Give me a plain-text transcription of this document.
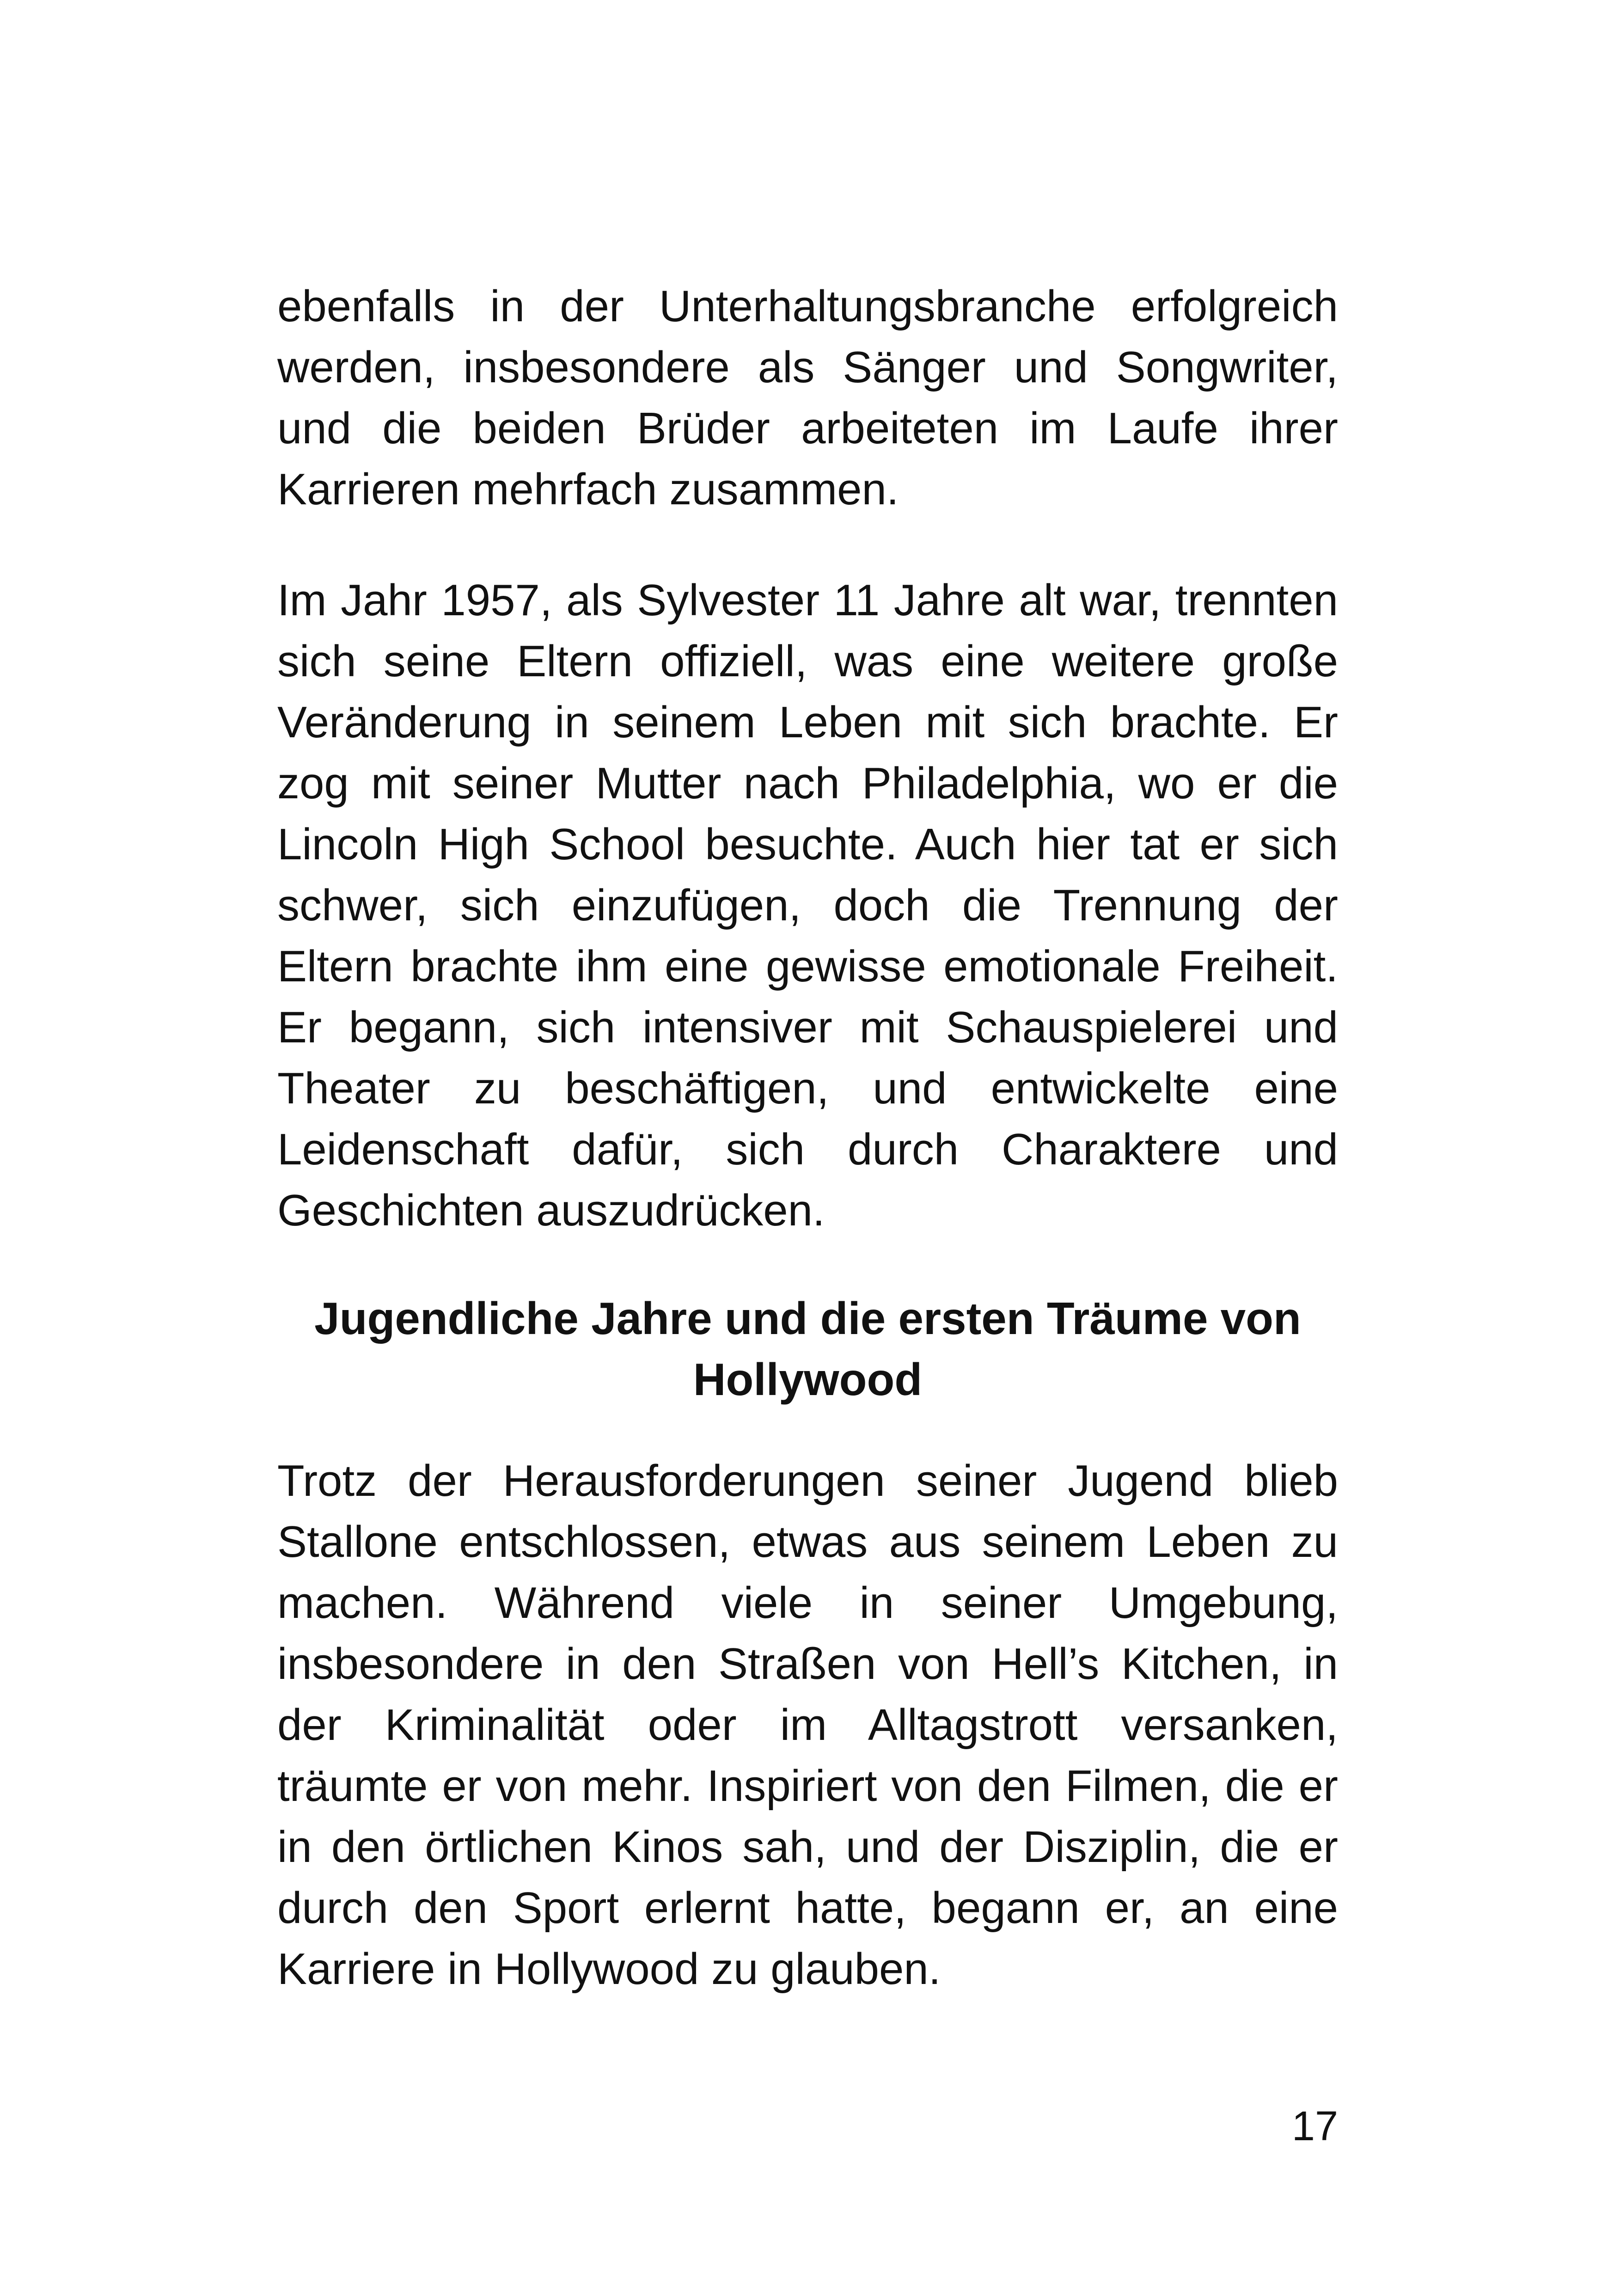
ebenfalls in der Unterhaltungsbranche erfolgreich werden, insbesondere als Sänger und Songwriter, und die beiden Brüder arbeiteten im Laufe ihrer Karrieren mehrfach zusammen.

Im Jahr 1957, als Sylvester 11 Jahre alt war, trennten sich seine Eltern offiziell, was eine weitere große Veränderung in seinem Leben mit sich brachte. Er zog mit seiner Mutter nach Philadelphia, wo er die Lincoln High School besuchte. Auch hier tat er sich schwer, sich einzufügen, doch die Trennung der Eltern brachte ihm eine gewisse emotionale Freiheit. Er begann, sich intensiver mit Schauspielerei und Theater zu beschäftigen, und entwickelte eine Leidenschaft dafür, sich durch Charaktere und Geschichten auszudrücken.

Jugendliche Jahre und die ersten Träume von Hollywood

Trotz der Herausforderungen seiner Jugend blieb Stallone entschlossen, etwas aus seinem Leben zu machen. Während viele in seiner Umgebung, insbesondere in den Straßen von Hell’s Kitchen, in der Kriminalität oder im Alltagstrott versanken, träumte er von mehr. Inspiriert von den Filmen, die er in den örtlichen Kinos sah, und der Disziplin, die er durch den Sport erlernt hatte, begann er, an eine Karriere in Hollywood zu glauben.

17
